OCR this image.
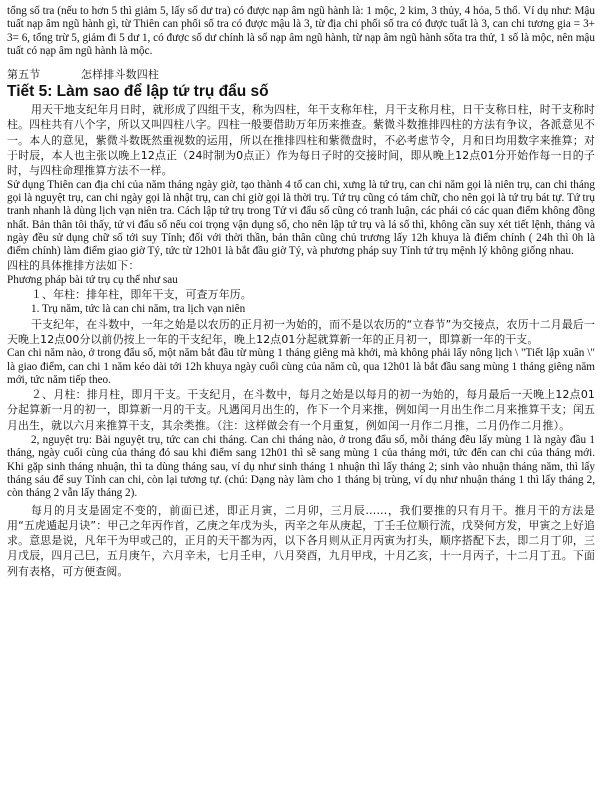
tổng số tra (nếu to hơn 5 thì giảm 5, lấy số dư tra) có được nạp âm ngũ hành là: 1 mộc, 2 kim, 3 thủy, 4 hỏa, 5 thổ. Ví dụ như: Mậu tuất nạp âm ngũ hành gì, từ Thiên can phối số tra có được mậu là 3, từ địa chi phối số tra có được tuất là 3, can chi tương gia = 3+ 3= 6, tổng trừ 5, giảm đi 5 dư 1, có được số dư chính là số nạp âm ngũ hành, từ nạp âm ngũ hành sốta tra thử, 1 số là mộc, nên mậu tuất có nạp âm ngũ hành là mộc.

第五节	怎样排斗数四柱
Tiết 5: Làm sao để lập tứ trụ đẩu số

用天干地支纪年月日时，就形成了四组干支，称为四柱，年干支称年柱，月干支称月柱，日干支称日柱，时干支称时柱。四柱共有八个字，所以又叫四柱八字。四柱一般要借助万年历来推查。紫微斗数推排四柱的方法有争议，各派意见不一。本人的意见，紫微斗数既然重视数的运用，所以在推排四柱和紫微盘时，不必考虑节令，月和日均用数字来推算；对于时辰，本人也主张以晚上12点正（24时制为0点正）作为每日子时的交接时间，即从晚上12点01分开始作每一日的子时，与四柱命理推算方法不一样。

Sử dụng Thiên can địa chi của năm tháng ngày giờ, tạo thành 4 tổ can chi, xưng là tứ trụ, can chi năm gọi là niên trụ, can chi tháng gọi là nguyệt trụ, can chi ngày gọi là nhật trụ, can chi giờ gọi là thời trụ. Tứ trụ cũng có tám chữ, cho nên gọi là tứ trụ bát tự. Tứ trụ tranh nhanh là dùng lịch vạn niên tra. Cách lập tứ trụ trong Tử vi đẩu số cũng có tranh luận, các phái có các quan điểm không đồng nhất. Bản thân tôi thấy, tử vi đẩu số nếu coi trọng vận dụng số, cho nên lập tứ trụ và lá số thì, không cần suy xét tiết lệnh, tháng và ngày đều sử dụng chữ số tới suy Tính; đối với thời thần, bản thân cũng chủ trương lấy 12h khuya là điểm chính ( 24h thì 0h là điểm chính) làm điểm giao giờ Tý, tức từ 12h01 là bắt đầu giờ Tý, và phương pháp suy Tính tứ trụ mệnh lý không giống nhau.

四柱的具体推排方法如下：

Phương pháp bài tứ trụ cụ thể như sau

１、年柱：排年柱，即年干支，可查万年历。

1. Trụ năm, tức là can chi năm, tra lịch vạn niên

干支纪年，在斗数中，一年之始是以农历的正月初一为始的，而不是以农历的“立春节”为交接点，农历十二月最后一天晚上12点00分以前仍按上一年的干支纪年，晚上12点01分起就算新一年的正月初一，即算新一年的干支。

Can chi năm nào, ở trong đẩu số, một năm bắt đầu từ mùng 1 tháng giêng mà khởi, mà không phải lấy nông lịch \ "Tiết lập xuân \" là giao điểm, can chi 1 năm kéo dài tới 12h khuya ngày cuối cùng của năm cũ, qua 12h01 là bắt đầu sang mùng 1 tháng giêng năm mới, tức năm tiếp theo.

２、月柱：排月柱，即月干支。干支纪月，在斗数中，每月之始是以每月的初一为始的，每月最后一天晚上12点01分起算新一月的初一，即算新一月的干支。凡遇闰月出生的，作下一个月来推，例如闰一月出生作二月来推算干支；闰五月出生，就以六月来推算干支，其余类推。（注：这样做会有一个月重复，例如闰一月作二月推，二月仍作二月推）。

2, nguyệt trụ: Bài nguyệt trụ, tức can chi tháng. Can chi tháng nào, ở trong đẩu số, mỗi tháng đều lấy mùng 1 là ngày đầu 1 tháng, ngày cuối cùng của tháng đó sau khi điểm sang 12h01 thì sẽ sang mùng 1 của tháng mới, tức đến can chi của tháng mới. Khi gặp sinh tháng nhuận, thì ta dùng tháng sau, ví dụ như sinh tháng 1 nhuận thì lấy tháng 2; sinh vào nhuận tháng năm, thì lấy tháng sáu để suy Tính can chi, còn lại tương tự. (chú: Dạng này làm cho 1 tháng bị trùng, ví dụ như nhuận tháng 1 thì lấy tháng 2, còn tháng 2 vẫn lấy tháng 2).

每月的月支是固定不变的，前面已述，即正月寅，二月卯，三月辰……，我们要推的只有月干。推月干的方法是用“五虎遁起月诀”：甲己之年丙作首，乙庚之年戊为头，丙辛之年从庚起，丁壬壬位顺行流，戊癸何方发，甲寅之上好追求。意思是说，凡年干为甲或己的，正月的天干都为丙，以下各月则从正月丙寅为打头，顺序搭配下去，即二月丁卯，三月戊辰，四月己巳，五月庚午，六月辛未，七月壬申，八月癸酉，九月甲戌，十月乙亥，十一月丙子，十二月丁丑。下面列有表格，可方便查阅。
